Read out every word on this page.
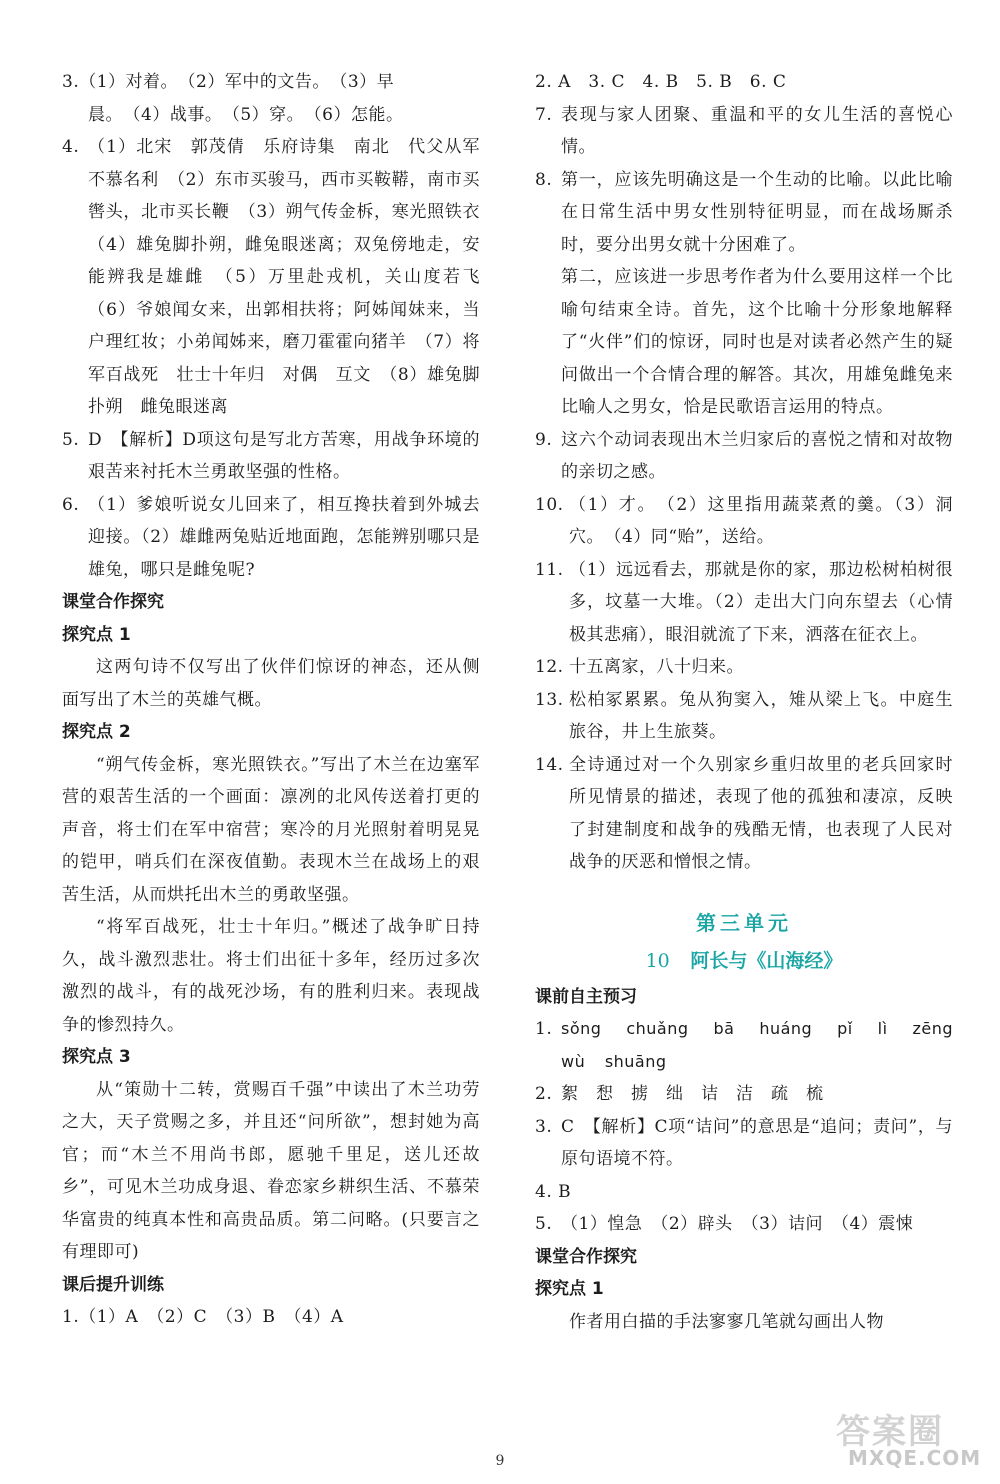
3.（1）对着。　（2）军中的文告。　（3）早

晨。　（4）战事。　（5）穿。　（6）怎能。

4. （1）北宋　郭茂倩　乐府诗集　南北　代父从军　不慕名利　（2）东市买骏马，西市买鞍鞯，南市买辔头，北市买长鞭　（3）朔气传金柝，寒光照铁衣　（4）雄兔脚扑朔，雌兔眼迷离；双兔傍地走，安能辨我是雄雌　（5）万里赴戎机，关山度若飞　（6）爷娘闻女来，出郭相扶将；阿姊闻妹来，当户理红妆；小弟闻姊来，磨刀霍霍向猪羊　（7）将军百战死　壮士十年归　对偶　互文　（8）雄兔脚扑朔　雌兔眼迷离
5. D　【解析】D项这句是写北方苦寒，用战争环境的艰苦来衬托木兰勇敢坚强的性格。
6. （1）爹娘听说女儿回来了，相互搀扶着到外城去迎接。（2）雄雌两兔贴近地面跑，怎能辨别哪只是雄兔，哪只是雌兔呢?

课堂合作探究

探究点 1

这两句诗不仅写出了伙伴们惊讶的神态，还从侧面写出了木兰的英雄气概。

探究点 2

“朔气传金柝，寒光照铁衣。”写出了木兰在边塞军营的艰苦生活的一个画面：凛冽的北风传送着打更的声音，将士们在军中宿营；寒冷的月光照射着明晃晃的铠甲，哨兵们在深夜值勤。表现木兰在战场上的艰苦生活，从而烘托出木兰的勇敢坚强。

“将军百战死，壮士十年归。”概述了战争旷日持久，战斗激烈悲壮。将士们出征十多年，经历过多次激烈的战斗，有的战死沙场，有的胜利归来。表现战争的惨烈持久。

探究点 3

从“策勋十二转，赏赐百千强”中读出了木兰功劳之大，天子赏赐之多，并且还“问所欲”，想封她为高官；而“木兰不用尚书郎，愿驰千里足，送儿还故乡”，可见木兰功成身退、眷恋家乡耕织生活、不慕荣华富贵的纯真本性和高贵品质。第二问略。(只要言之有理即可)

课后提升训练

1.（1）A　（2）C　（3）B　（4）A

2. A　3. C　4. B　5. B　6. C

7. 表现与家人团聚、重温和平的女儿生活的喜悦心情。
8. 第一，应该先明确这是一个生动的比喻。以此比喻在日常生活中男女性别特征明显，而在战场厮杀时，要分出男女就十分困难了。

第二，应该进一步思考作者为什么要用这样一个比喻句结束全诗。首先，这个比喻十分形象地解释了“火伴”们的惊讶，同时也是对读者必然产生的疑问做出一个合情合理的解答。其次，用雄兔雌兔来比喻人之男女，恰是民歌语言运用的特点。

9. 这六个动词表现出木兰归家后的喜悦之情和对故物的亲切之感。
10. （1）才。　（2）这里指用蔬菜煮的羹。（3）洞穴。　（4）同“贻”，送给。
11. （1）远远看去，那就是你的家，那边松树柏树很多，坟墓一大堆。（2）走出大门向东望去（心情极其悲痛），眼泪就流了下来，洒落在征衣上。
12. 十五离家，八十归来。
13. 松柏冢累累。兔从狗窦入，雉从梁上飞。中庭生旅谷，井上生旅葵。
14. 全诗通过对一个久别家乡重归故里的老兵回家时所见情景的描述，表现了他的孤独和凄凉，反映了封建制度和战争的残酷无情，也表现了人民对战争的厌恶和憎恨之情。
第三单元
10 阿长与《山海经》

课前自主预习

1. sǒng chuǎng bā huáng pǐ lì zēng wù shuāng
2. 絮　惒　掳　绌　诘　洁　疏　梳
3. C　【解析】C项“诘问”的意思是“追问；责问”，与原句语境不符。

4. B

5. （1）惶急　（2）辟头　（3）诘问　（4）震悚

课堂合作探究

探究点 1

作者用白描的手法寥寥几笔就勾画出人物

9
答案圈
MXQE.COM
